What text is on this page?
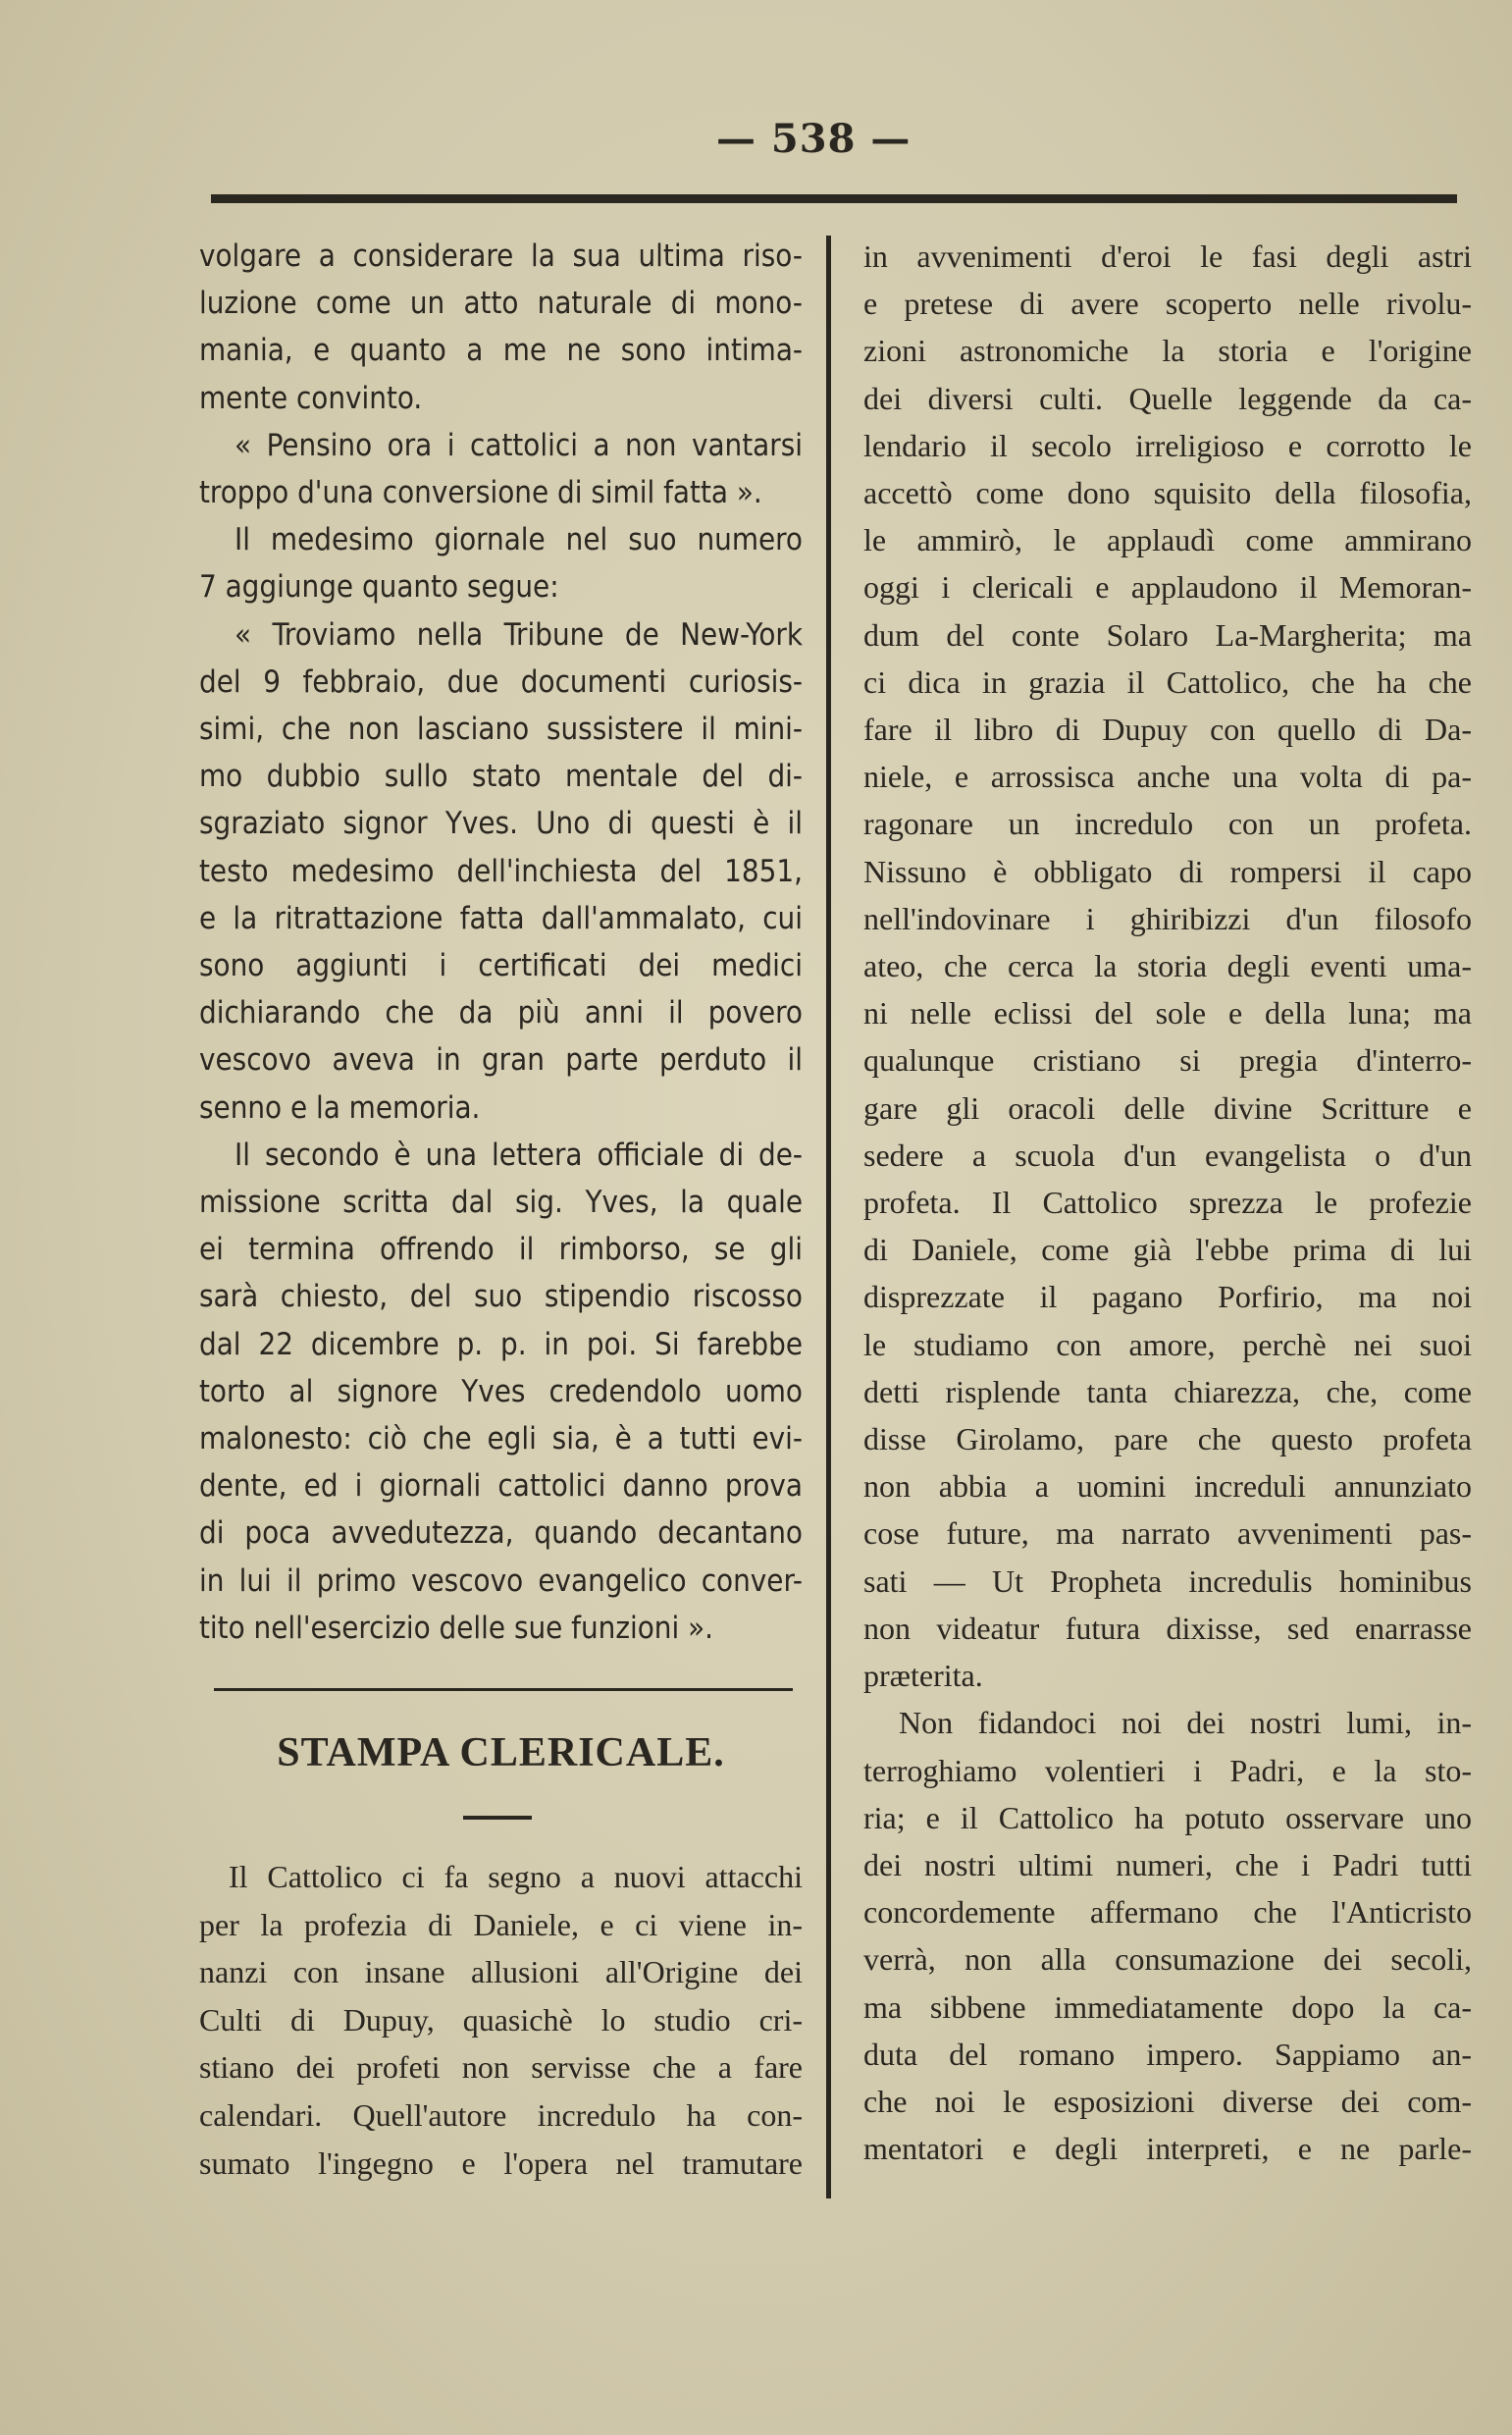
— 538 —
volgare a considerare la sua ultima riso-
luzione come un atto naturale di mono-
mania, e quanto a me ne sono intima-
mente convinto.
« Pensino ora i cattolici a non vantarsi
troppo d'una conversione di simil fatta ».
Il medesimo giornale nel suo numero
7 aggiunge quanto segue:
« Troviamo nella Tribune de New-York
del 9 febbraio, due documenti curiosis-
simi, che non lasciano sussistere il mini-
mo dubbio sullo stato mentale del di-
sgraziato signor Yves. Uno di questi è il
testo medesimo dell'inchiesta del 1851,
e la ritrattazione fatta dall'ammalato, cui
sono aggiunti i certificati dei medici
dichiarando che da più anni il povero
vescovo aveva in gran parte perduto il
senno e la memoria.
Il secondo è una lettera officiale di de-
missione scritta dal sig. Yves, la quale
ei termina offrendo il rimborso, se gli
sarà chiesto, del suo stipendio riscosso
dal 22 dicembre p. p. in poi. Si farebbe
torto al signore Yves credendolo uomo
malonesto: ciò che egli sia, è a tutti evi-
dente, ed i giornali cattolici danno prova
di poca avvedutezza, quando decantano
in lui il primo vescovo evangelico conver-
tito nell'esercizio delle sue funzioni ».
STAMPA CLERICALE.
Il Cattolico ci fa segno a nuovi attacchi
per la profezia di Daniele, e ci viene in-
nanzi con insane allusioni all'Origine dei
Culti di Dupuy, quasichè lo studio cri-
stiano dei profeti non servisse che a fare
calendari. Quell'autore incredulo ha con-
sumato l'ingegno e l'opera nel tramutare
in avvenimenti d'eroi le fasi degli astri
e pretese di avere scoperto nelle rivolu-
zioni astronomiche la storia e l'origine
dei diversi culti. Quelle leggende da ca-
lendario il secolo irreligioso e corrotto le
accettò come dono squisito della filosofia,
le ammirò, le applaudì come ammirano
oggi i clericali e applaudono il Memoran-
dum del conte Solaro La-Margherita; ma
ci dica in grazia il Cattolico, che ha che
fare il libro di Dupuy con quello di Da-
niele, e arrossisca anche una volta di pa-
ragonare un incredulo con un profeta.
Nissuno è obbligato di rompersi il capo
nell'indovinare i ghiribizzi d'un filosofo
ateo, che cerca la storia degli eventi uma-
ni nelle eclissi del sole e della luna; ma
qualunque cristiano si pregia d'interro-
gare gli oracoli delle divine Scritture e
sedere a scuola d'un evangelista o d'un
profeta. Il Cattolico sprezza le profezie
di Daniele, come già l'ebbe prima di lui
disprezzate il pagano Porfirio, ma noi
le studiamo con amore, perchè nei suoi
detti risplende tanta chiarezza, che, come
disse Girolamo, pare che questo profeta
non abbia a uomini increduli annunziato
cose future, ma narrato avvenimenti pas-
sati — Ut Propheta incredulis hominibus
non videatur futura dixisse, sed enarrasse
præterita.
Non fidandoci noi dei nostri lumi, in-
terroghiamo volentieri i Padri, e la sto-
ria; e il Cattolico ha potuto osservare uno
dei nostri ultimi numeri, che i Padri tutti
concordemente affermano che l'Anticristo
verrà, non alla consumazione dei secoli,
ma sibbene immediatamente dopo la ca-
duta del romano impero. Sappiamo an-
che noi le esposizioni diverse dei com-
mentatori e degli interpreti, e ne parle-
